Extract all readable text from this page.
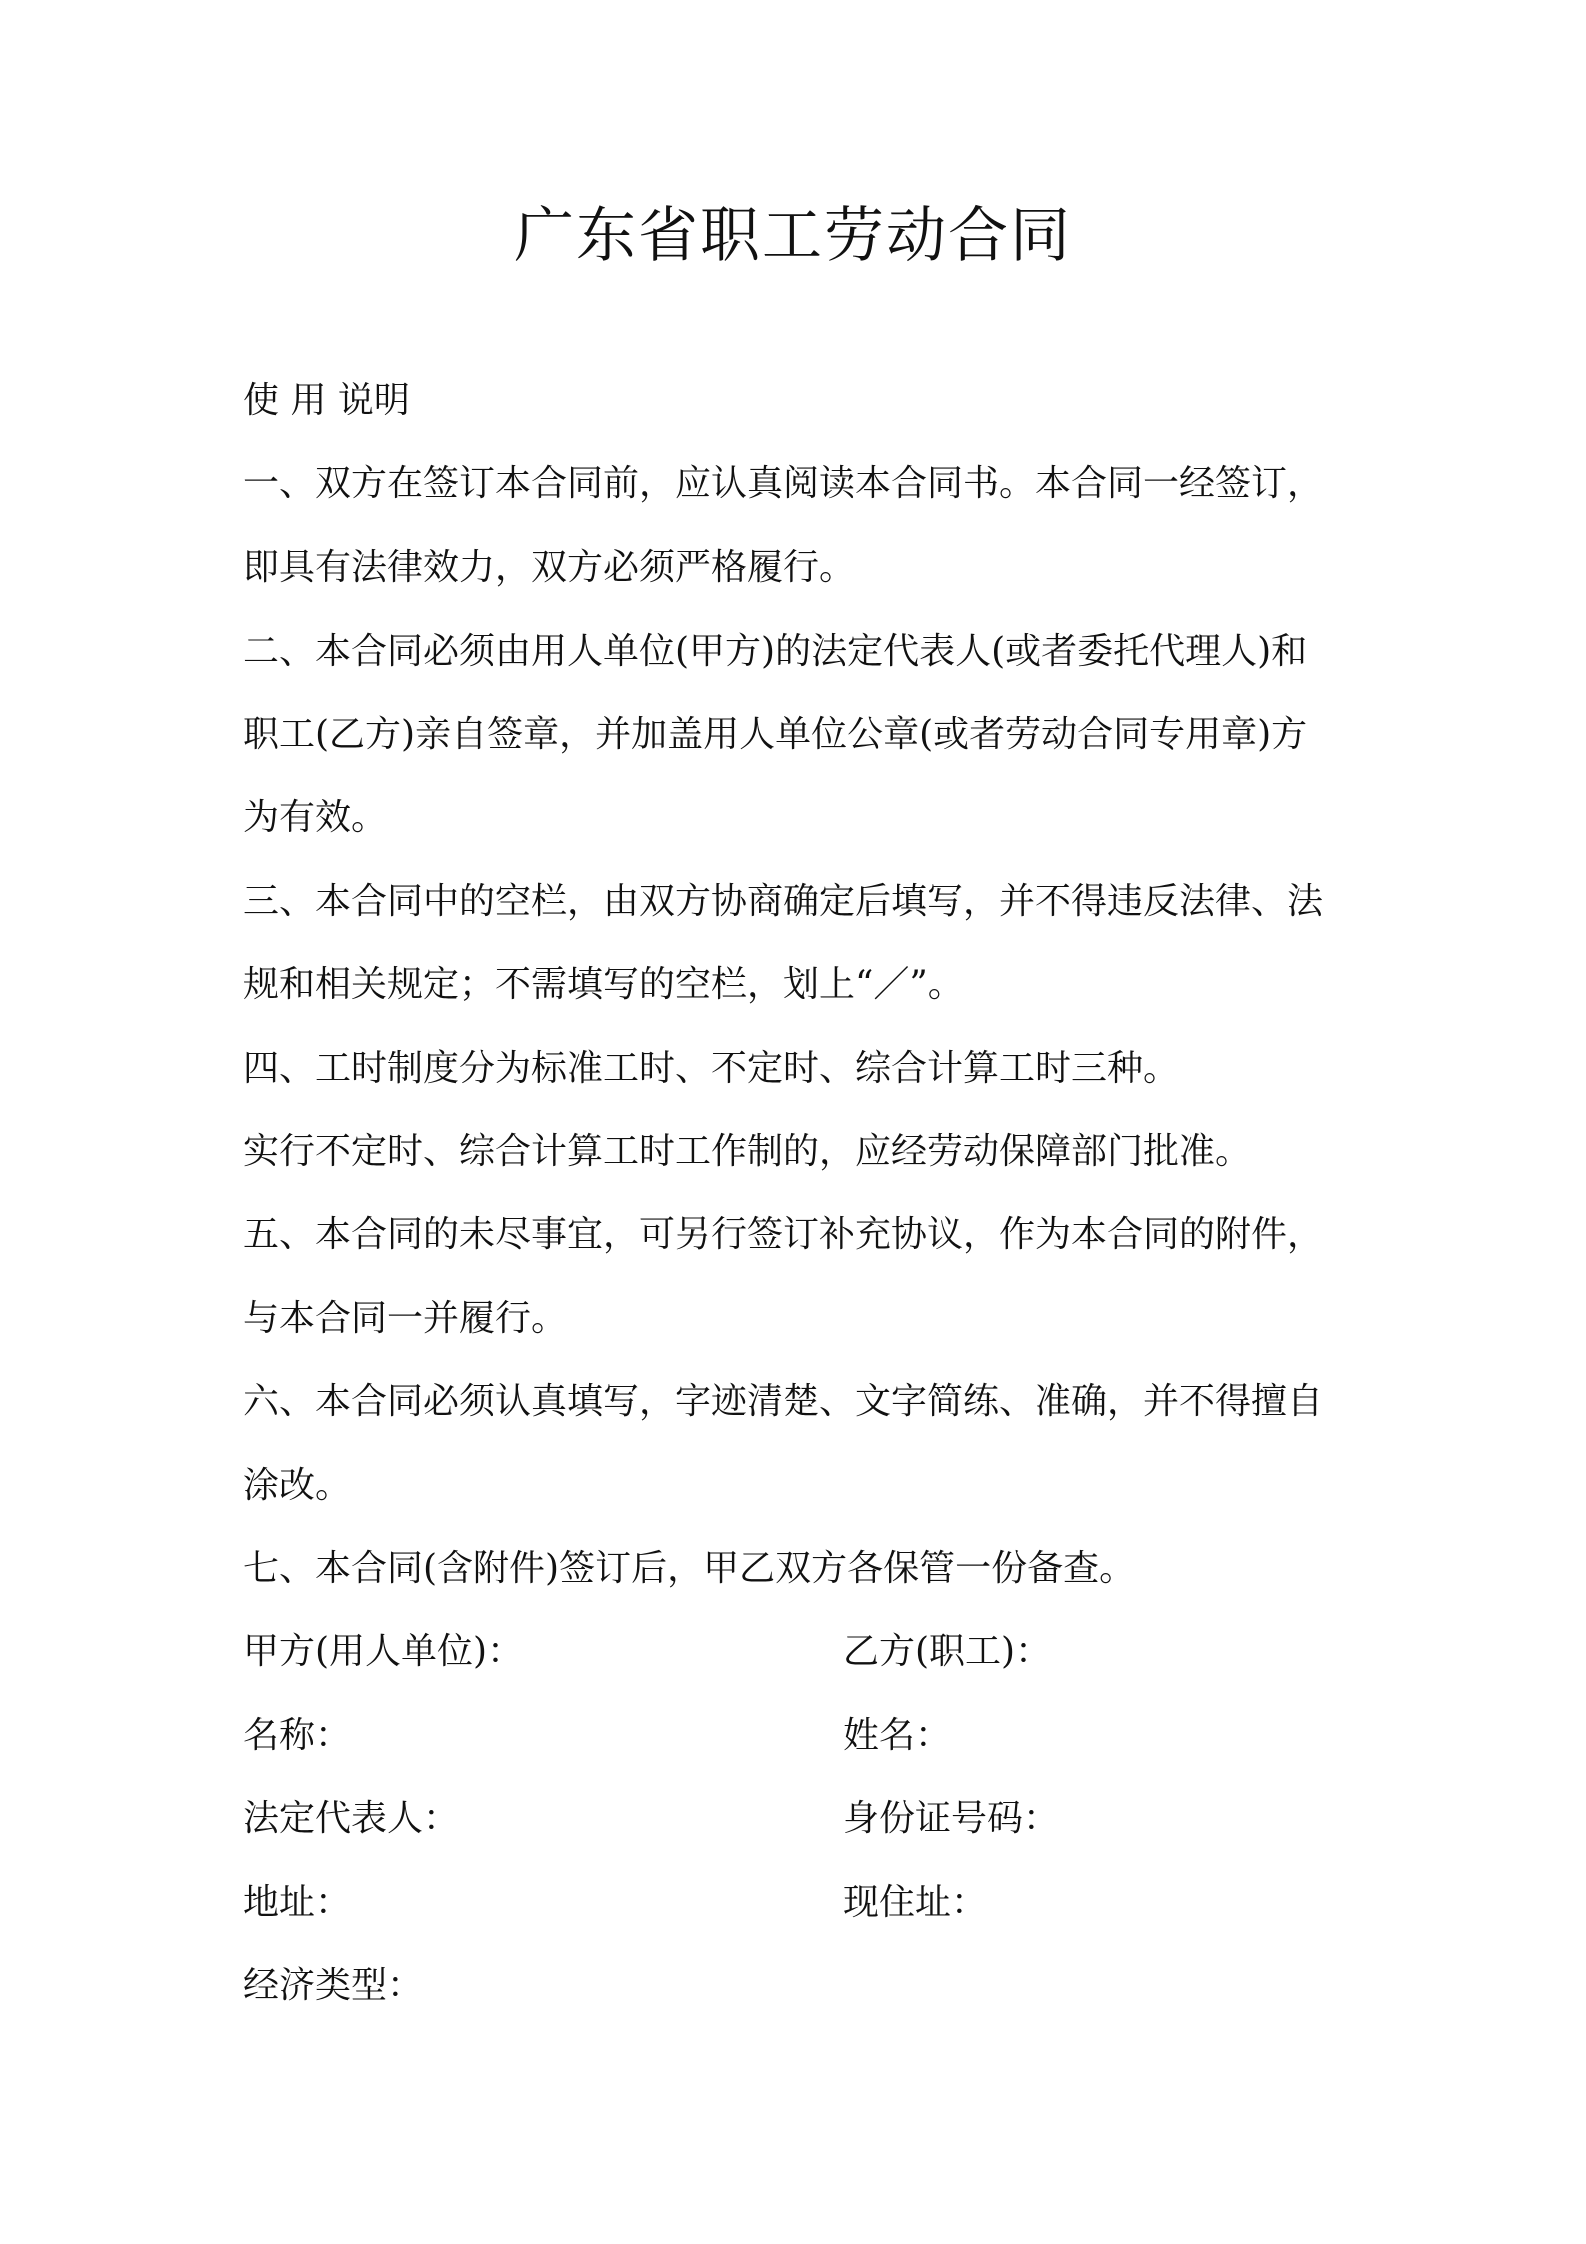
广东省职工劳动合同
使 用 说明
一、双方在签订本合同前，应认真阅读本合同书。本合同一经签订，
即具有法律效力，双方必须严格履行。
二、本合同必须由用人单位(甲方)的法定代表人(或者委托代理人)和
职工(乙方)亲自签章，并加盖用人单位公章(或者劳动合同专用章)方
为有效。
三、本合同中的空栏，由双方协商确定后填写，并不得违反法律、法
规和相关规定；不需填写的空栏，划上“／”。
四、工时制度分为标准工时、不定时、综合计算工时三种。
实行不定时、综合计算工时工作制的，应经劳动保障部门批准。
五、本合同的未尽事宜，可另行签订补充协议，作为本合同的附件，
与本合同一并履行。
六、本合同必须认真填写，字迹清楚、文字简练、准确，并不得擅自
涂改。
七、本合同(含附件)签订后，甲乙双方各保管一份备查。
甲方(用人单位)：	乙方(职工)：
名称：	姓名：
法定代表人：	身份证号码：
地址：	现住址：
经济类型：
